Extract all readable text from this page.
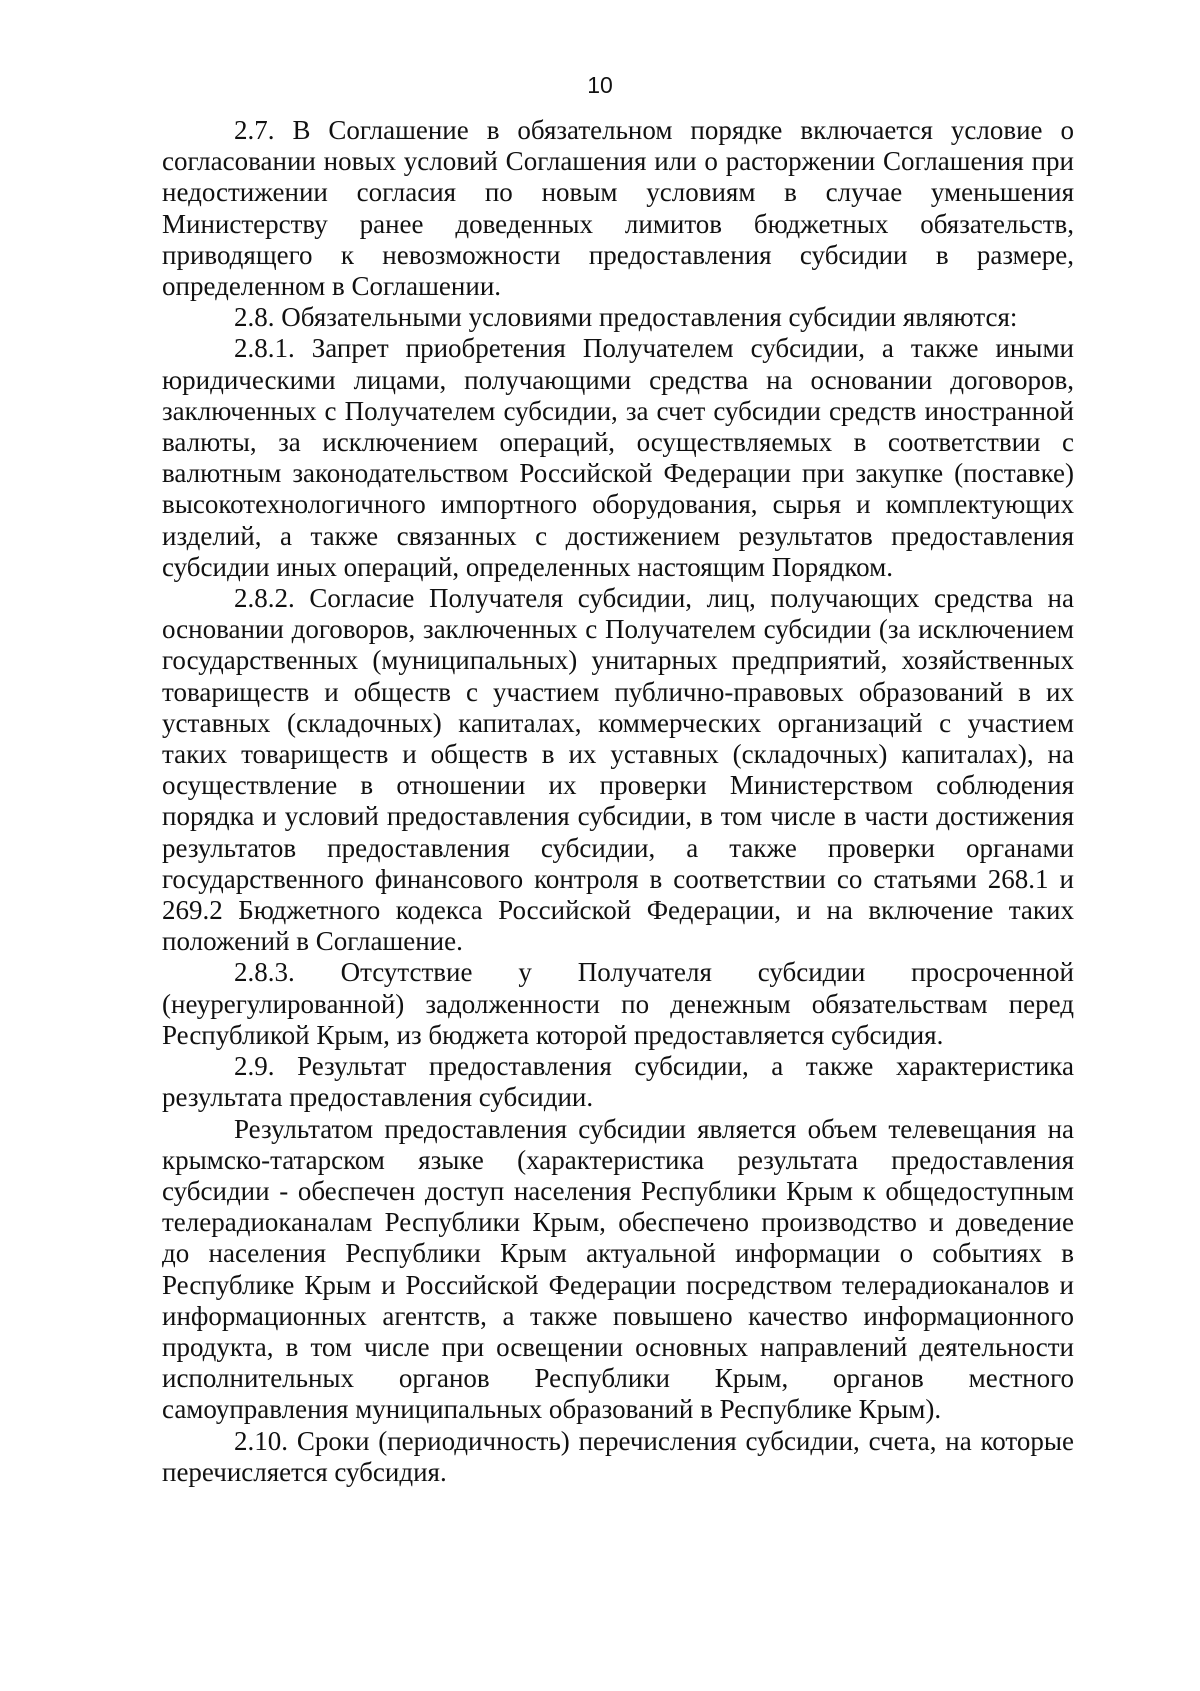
10

2.7. В Соглашение в обязательном порядке включается условие о согласовании новых условий Соглашения или о расторжении Соглашения при недостижении согласия по новым условиям в случае уменьшения Министерству ранее доведенных лимитов бюджетных обязательств, приводящего к невозможности предоставления субсидии в размере, определенном в Соглашении.

2.8. Обязательными условиями предоставления субсидии являются:

2.8.1. Запрет приобретения Получателем субсидии, а также иными юридическими лицами, получающими средства на основании договоров, заключенных с Получателем субсидии, за счет субсидии средств иностранной валюты, за исключением операций, осуществляемых в соответствии с валютным законодательством Российской Федерации при закупке (поставке) высокотехнологичного импортного оборудования, сырья и комплектующих изделий, а также связанных с достижением результатов предоставления субсидии иных операций, определенных настоящим Порядком.

2.8.2. Согласие Получателя субсидии, лиц, получающих средства на основании договоров, заключенных с Получателем субсидии (за исключением государственных (муниципальных) унитарных предприятий, хозяйственных товариществ и обществ с участием публично-правовых образований в их уставных (складочных) капиталах, коммерческих организаций с участием таких товариществ и обществ в их уставных (складочных) капиталах), на осуществление в отношении их проверки Министерством соблюдения порядка и условий предоставления субсидии, в том числе в части достижения результатов предоставления субсидии, а также проверки органами государственного финансового контроля в соответствии со статьями 268.1 и 269.2 Бюджетного кодекса Российской Федерации, и на включение таких положений в Соглашение.

2.8.3. Отсутствие у Получателя субсидии просроченной (неурегулированной) задолженности по денежным обязательствам перед Республикой Крым, из бюджета которой предоставляется субсидия.

2.9. Результат предоставления субсидии, а также характеристика результата предоставления субсидии.

Результатом предоставления субсидии является объем телевещания на крымско-татарском языке (характеристика результата предоставления субсидии - обеспечен доступ населения Республики Крым к общедоступным телерадиоканалам Республики Крым, обеспечено производство и доведение до населения Республики Крым актуальной информации о событиях в Республике Крым и Российской Федерации посредством телерадиоканалов и информационных агентств, а также повышено качество информационного продукта, в том числе при освещении основных направлений деятельности исполнительных органов Республики Крым, органов местного самоуправления муниципальных образований в Республике Крым).

2.10. Сроки (периодичность) перечисления субсидии, счета, на которые перечисляется субсидия.
